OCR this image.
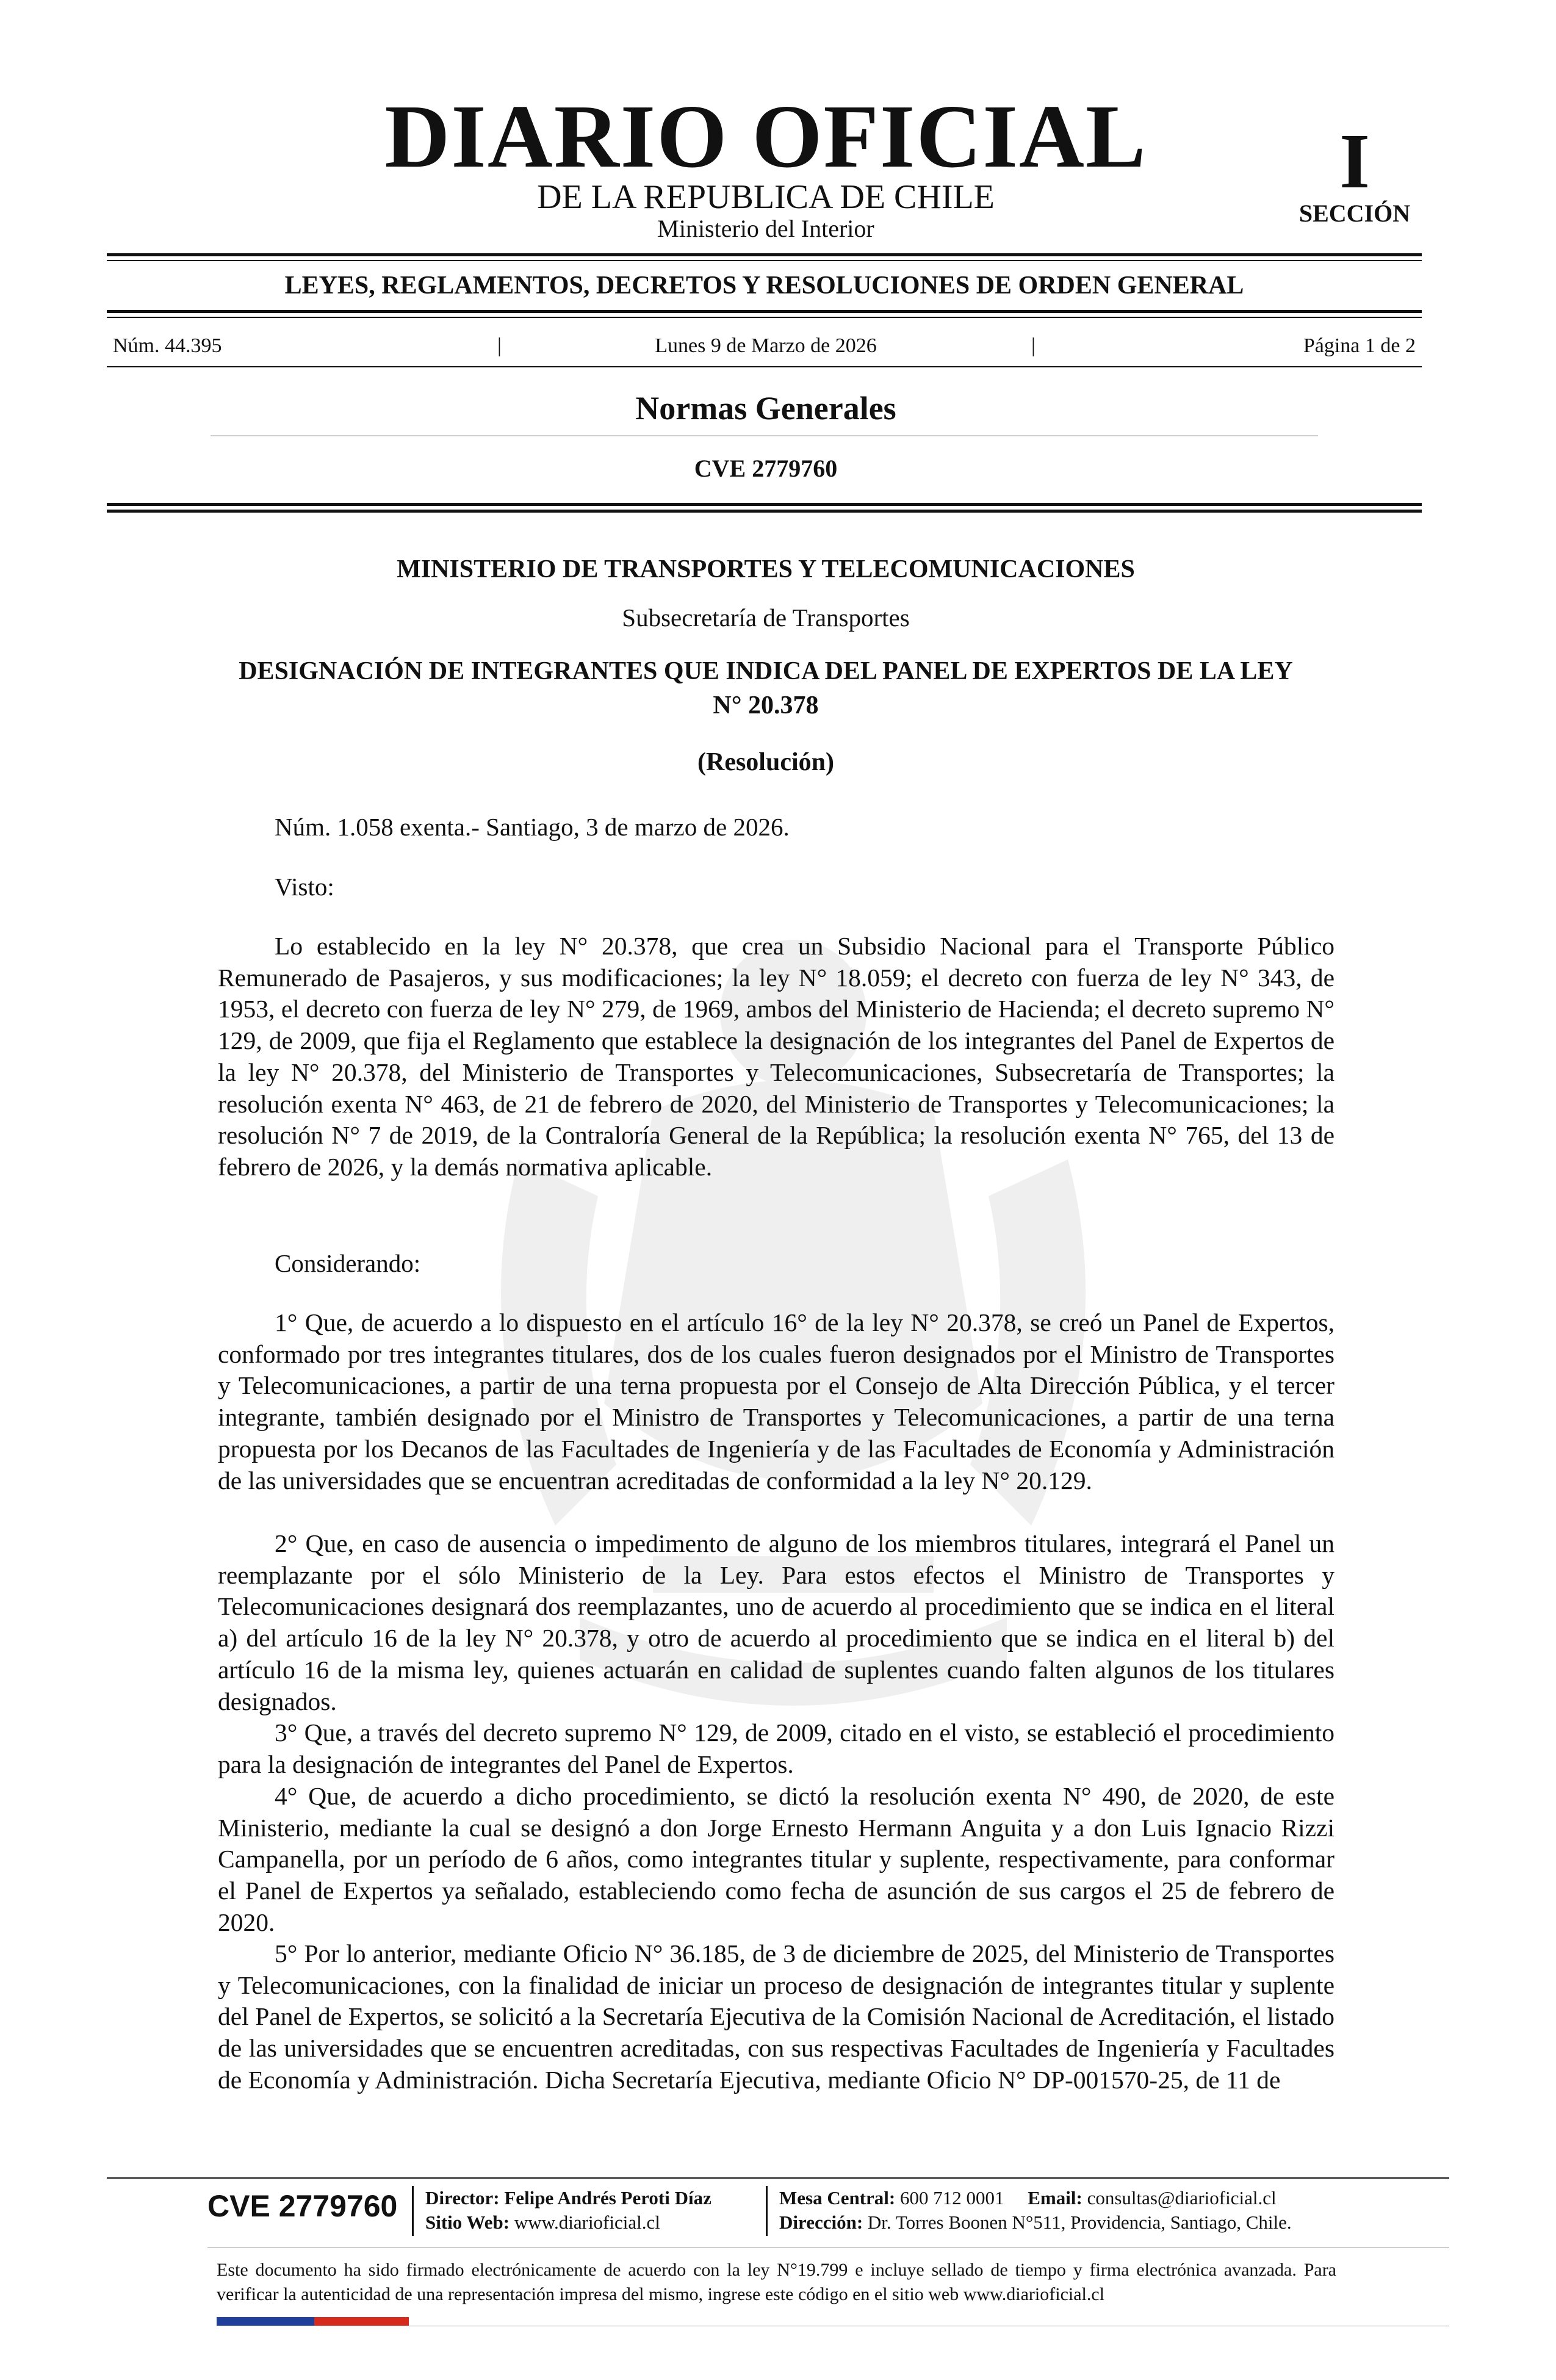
DIARIO OFICIAL
DE LA REPUBLICA DE CHILE
Ministerio del Interior
I
SECCIÓN
LEYES, REGLAMENTOS, DECRETOS Y RESOLUCIONES DE ORDEN GENERAL
Núm. 44.395	|	Lunes 9 de Marzo de 2026	|	Página 1 de 2
Normas Generales
CVE 2779760
MINISTERIO DE TRANSPORTES Y TELECOMUNICACIONES
Subsecretaría de Transportes
DESIGNACIÓN DE INTEGRANTES QUE INDICA DEL PANEL DE EXPERTOS DE LA LEY N° 20.378
(Resolución)
Núm. 1.058 exenta.- Santiago, 3 de marzo de 2026.
Visto:

Lo establecido en la ley N° 20.378, que crea un Subsidio Nacional para el Transporte Público Remunerado de Pasajeros, y sus modificaciones; la ley N° 18.059; el decreto con fuerza de ley N° 343, de 1953, el decreto con fuerza de ley N° 279, de 1969, ambos del Ministerio de Hacienda; el decreto supremo N° 129, de 2009, que fija el Reglamento que establece la designación de los integrantes del Panel de Expertos de la ley N° 20.378, del Ministerio de Transportes y Telecomunicaciones, Subsecretaría de Transportes; la resolución exenta N° 463, de 21 de febrero de 2020, del Ministerio de Transportes y Telecomunicaciones; la resolución N° 7 de 2019, de la Contraloría General de la República; la resolución exenta N° 765, del 13 de febrero de 2026, y la demás normativa aplicable.

Considerando:

1° Que, de acuerdo a lo dispuesto en el artículo 16° de la ley N° 20.378, se creó un Panel de Expertos, conformado por tres integrantes titulares, dos de los cuales fueron designados por el Ministro de Transportes y Telecomunicaciones, a partir de una terna propuesta por el Consejo de Alta Dirección Pública, y el tercer integrante, también designado por el Ministro de Transportes y Telecomunicaciones, a partir de una terna propuesta por los Decanos de las Facultades de Ingeniería y de las Facultades de Economía y Administración de las universidades que se encuentran acreditadas de conformidad a la ley N° 20.129.

2° Que, en caso de ausencia o impedimento de alguno de los miembros titulares, integrará el Panel un reemplazante por el sólo Ministerio de la Ley. Para estos efectos el Ministro de Transportes y Telecomunicaciones designará dos reemplazantes, uno de acuerdo al procedimiento que se indica en el literal a) del artículo 16 de la ley N° 20.378, y otro de acuerdo al procedimiento que se indica en el literal b) del artículo 16 de la misma ley, quienes actuarán en calidad de suplentes cuando falten algunos de los titulares designados.

3° Que, a través del decreto supremo N° 129, de 2009, citado en el visto, se estableció el procedimiento para la designación de integrantes del Panel de Expertos.

4° Que, de acuerdo a dicho procedimiento, se dictó la resolución exenta N° 490, de 2020, de este Ministerio, mediante la cual se designó a don Jorge Ernesto Hermann Anguita y a don Luis Ignacio Rizzi Campanella, por un período de 6 años, como integrantes titular y suplente, respectivamente, para conformar el Panel de Expertos ya señalado, estableciendo como fecha de asunción de sus cargos el 25 de febrero de 2020.

5° Por lo anterior, mediante Oficio N° 36.185, de 3 de diciembre de 2025, del Ministerio de Transportes y Telecomunicaciones, con la finalidad de iniciar un proceso de designación de integrantes titular y suplente del Panel de Expertos, se solicitó a la Secretaría Ejecutiva de la Comisión Nacional de Acreditación, el listado de las universidades que se encuentren acreditadas, con sus respectivas Facultades de Ingeniería y Facultades de Economía y Administración. Dicha Secretaría Ejecutiva, mediante Oficio N° DP-001570-25, de 11 de

CVE 2779760 Director: Felipe Andrés Peroti Díaz
Sitio Web: www.diarioficial.cl
Mesa Central: 600 712 0001 Email: consultas@diarioficial.cl
Dirección: Dr. Torres Boonen N°511, Providencia, Santiago, Chile.
Este documento ha sido firmado electrónicamente de acuerdo con la ley N°19.799 e incluye sellado de tiempo y firma electrónica avanzada. Para verificar la autenticidad de una representación impresa del mismo, ingrese este código en el sitio web www.diarioficial.cl
